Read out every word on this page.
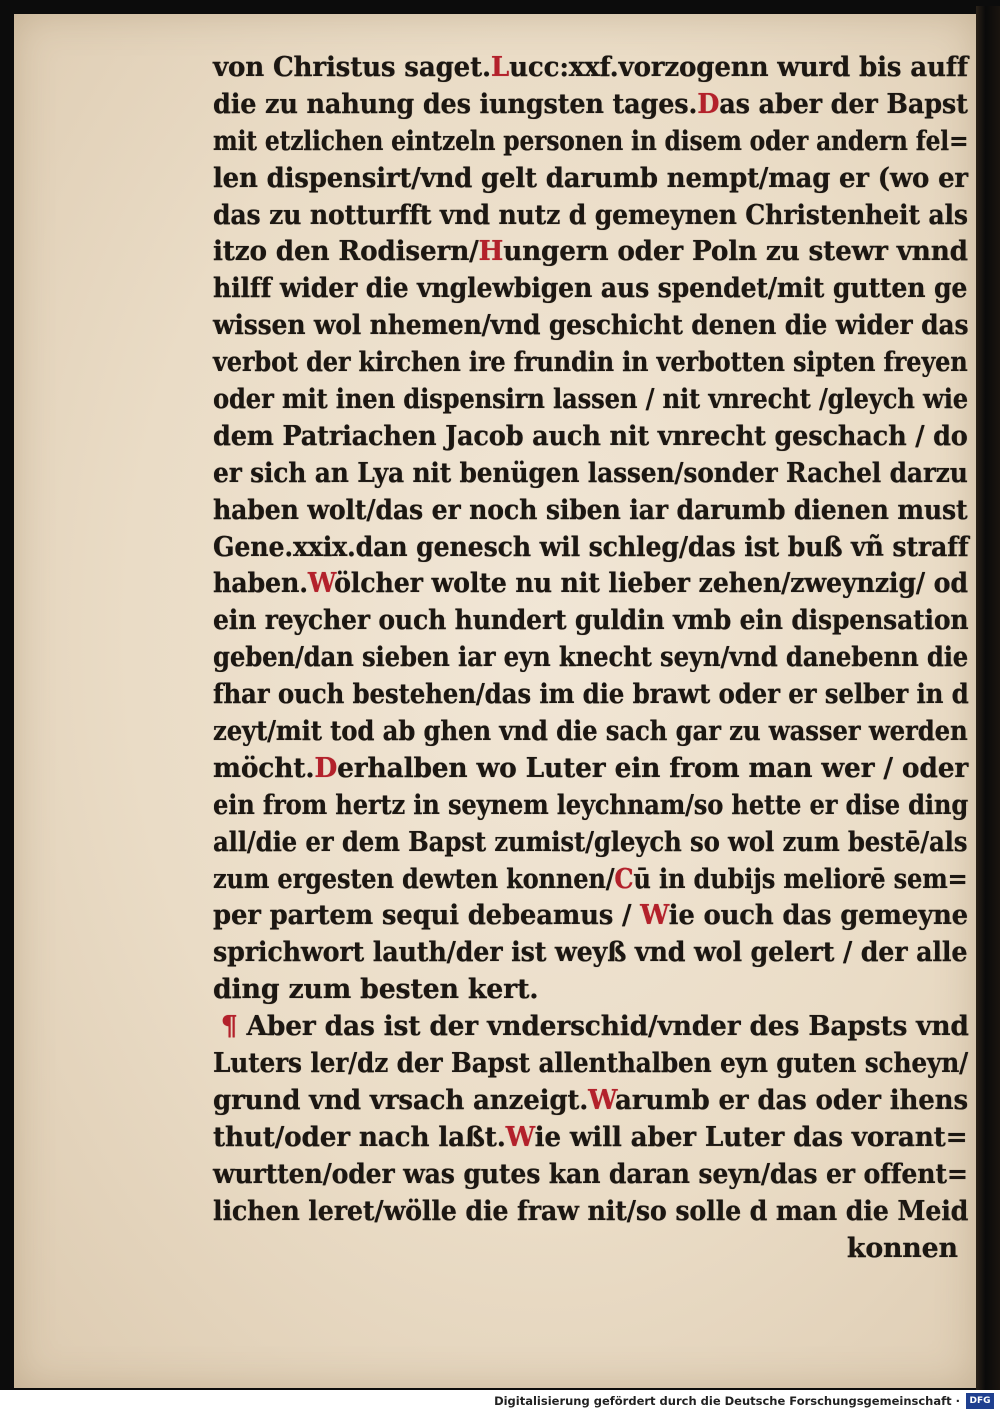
von Christus saget.Lucc:xxf.vorzogenn wurd bis auff
die zu nahung des iungsten tages.Das aber der Bapst
mit etzlichen eintzeln personen in disem oder andern fel=
len dispensirt/vnd gelt darumb nempt/mag er (wo er
das zu notturfft vnd nutz d gemeynen Christenheit als
itzo den Rodisern/Hungern oder Poln zu stewr vnnd
hilff wider die vnglewbigen aus spendet/mit gutten ge
wissen wol nhemen/vnd geschicht denen die wider das
verbot der kirchen ire frundin in verbotten sipten freyen
oder mit inen dispensirn lassen / nit vnrecht /gleych wie
dem Patriachen Jacob auch nit vnrecht geschach / do
er sich an Lya nit benügen lassen/sonder Rachel darzu
haben wolt/das er noch siben iar darumb dienen must
Gene.xxix.dan genesch wil schleg/das ist buß vñ straff
haben.Wölcher wolte nu nit lieber zehen/zweynzig/ od
ein reycher ouch hundert guldin vmb ein dispensation
geben/dan sieben iar eyn knecht seyn/vnd danebenn die
fhar ouch bestehen/das im die brawt oder er selber in d
zeyt/mit tod ab ghen vnd die sach gar zu wasser werden
möcht.Derhalben wo Luter ein from man wer / oder
ein from hertz in seynem leychnam/so hette er dise ding
all/die er dem Bapst zumist/gleych so wol zum bestē/als
zum ergesten dewten konnen/Cū in dubijs meliorē sem=
per partem sequi debeamus / Wie ouch das gemeyne
sprichwort lauth/der ist weyß vnd wol gelert / der alle
ding zum besten kert.
¶ Aber das ist der vnderschid/vnder des Bapsts vnd
Luters ler/dz der Bapst allenthalben eyn guten scheyn/
grund vnd vrsach anzeigt.Warumb er das oder ihens
thut/oder nach laßt.Wie will aber Luter das vorant=
wurtten/oder was gutes kan daran seyn/das er offent=
lichen leret/wölle die fraw nit/so solle d man die Meid
konnen
Digitalisierung gefördert durch die Deutsche Forschungsgemeinschaft ·	DFG
